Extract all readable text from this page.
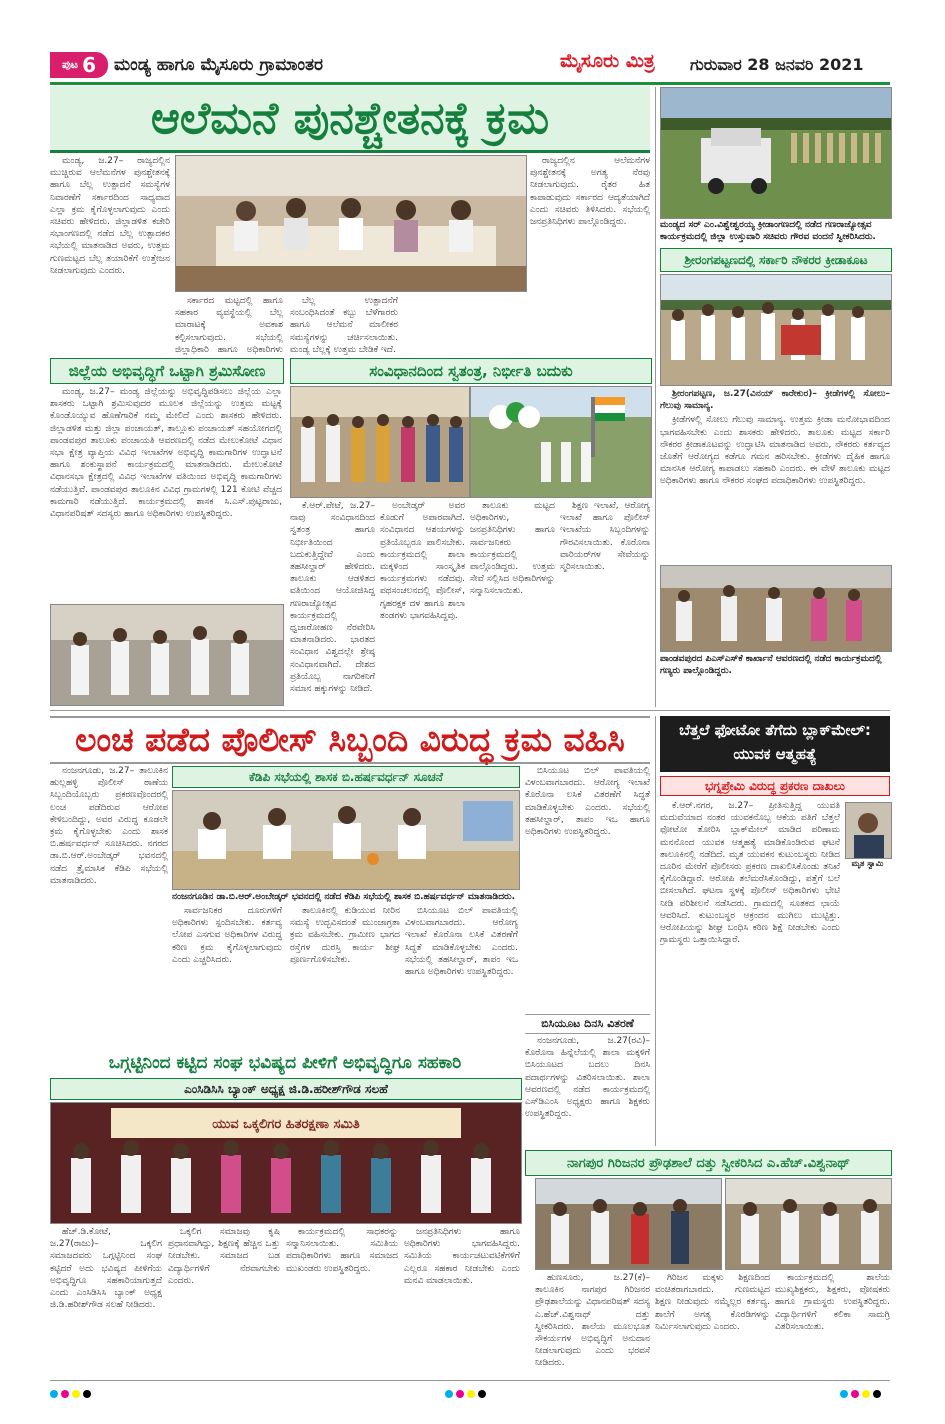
ಪುಟ 6 ಮಂಡ್ಯ ಹಾಗೂ ಮೈಸೂರು ಗ್ರಾಮಾಂತರ	ಮೈಸೂರು ಮಿತ್ರ ಗುರುವಾರ 28 ಜನವರಿ 2021
ಆಲೆಮನೆ ಪುನಶ್ಚೇತನಕ್ಕೆ ಕ್ರಮ

ಮಂಡ್ಯ, ಜ.27– ರಾಜ್ಯದಲ್ಲಿನ ಮುಚ್ಚಿರುವ ಆಲೆಮನೆಗಳ ಪುನಶ್ಚೇತನಕ್ಕೆ ಹಾಗೂ ಬೆಲ್ಲ ಉತ್ಪಾದನೆ ಸಮಸ್ಯೆಗಳ ನಿವಾರಣೆಗೆ ಸರ್ಕಾರದಿಂದ ಸಾಧ್ಯವಾದ ಎಲ್ಲಾ ಕ್ರಮ ಕೈಗೊಳ್ಳಲಾಗುವುದು ಎಂದು ಸಚಿವರು ಹೇಳಿದರು. ಜಿಲ್ಲಾಡಳಿತ ಕಚೇರಿ ಸಭಾಂಗಣದಲ್ಲಿ ನಡೆದ ಬೆಲ್ಲ ಉತ್ಪಾದಕರ ಸಭೆಯಲ್ಲಿ ಮಾತನಾಡಿದ ಅವರು, ಉತ್ತಮ ಗುಣಮಟ್ಟದ ಬೆಲ್ಲ ತಯಾರಿಕೆಗೆ ಉತ್ತೇಜನ ನೀಡಲಾಗುವುದು ಎಂದರು.

ಸರ್ಕಾರದ ಮಟ್ಟದಲ್ಲಿ ಹಾಗೂ ಸಹಕಾರ ವ್ಯವಸ್ಥೆಯಲ್ಲಿ ಬೆಲ್ಲ ಮಾರಾಟಕ್ಕೆ ಅವಕಾಶ ಕಲ್ಪಿಸಲಾಗುವುದು. ಸಭೆಯಲ್ಲಿ ಜಿಲ್ಲಾಧಿಕಾರಿ ಹಾಗೂ ಅಧಿಕಾರಿಗಳು

ಬೆಲ್ಲ ಉತ್ಪಾದನೆಗೆ ಸಂಬಂಧಿಸಿದಂತೆ ಕಬ್ಬು ಬೆಳೆಗಾರರು ಹಾಗೂ ಆಲೆಮನೆ ಮಾಲೀಕರ ಸಮಸ್ಯೆಗಳನ್ನು ಚರ್ಚಿಸಲಾಯಿತು. ಮಂಡ್ಯ ಬೆಲ್ಲಕ್ಕೆ ಉತ್ತಮ ಬೇಡಿಕೆ ಇದೆ.

ರಾಜ್ಯದಲ್ಲಿನ ಆಲೆಮನೆಗಳ ಪುನಶ್ಚೇತನಕ್ಕೆ ಅಗತ್ಯ ನೆರವು ನೀಡಲಾಗುವುದು. ರೈತರ ಹಿತ ಕಾಪಾಡುವುದು ಸರ್ಕಾರದ ಆದ್ಯತೆಯಾಗಿದೆ ಎಂದು ಸಚಿವರು ತಿಳಿಸಿದರು. ಸಭೆಯಲ್ಲಿ ಜನಪ್ರತಿನಿಧಿಗಳು ಪಾಲ್ಗೊಂಡಿದ್ದರು.	ಮಂಡ್ಯದ ಸರ್ ಎಂ.ವಿಶ್ವೇಶ್ವರಯ್ಯ ಕ್ರೀಡಾಂಗಣದಲ್ಲಿ ನಡೆದ ಗಣರಾಜ್ಯೋತ್ಸವ ಕಾರ್ಯಕ್ರಮದಲ್ಲಿ ಜಿಲ್ಲಾ ಉಸ್ತುವಾರಿ ಸಚಿವರು ಗೌರವ ವಂದನೆ ಸ್ವೀಕರಿಸಿದರು.
ಶ್ರೀರಂಗಪಟ್ಟಣದಲ್ಲಿ ಸರ್ಕಾರಿ ನೌಕರರ ಕ್ರೀಡಾಕೂಟ

ಶ್ರೀರಂಗಪಟ್ಟಣ, ಜ.27(ವಿನಯ್ ಕಾರೇಕುರ)– ಕ್ರೀಡೆಗಳಲ್ಲಿ ಸೋಲು–ಗೆಲುವು ಸಾಮಾನ್ಯ.

ಕ್ರೀಡೆಗಳಲ್ಲಿ ಸೋಲು ಗೆಲುವು ಸಾಮಾನ್ಯ. ಉತ್ತಮ ಕ್ರೀಡಾ ಮನೋಭಾವದಿಂದ ಭಾಗವಹಿಸಬೇಕು ಎಂದು ಶಾಸಕರು ಹೇಳಿದರು. ತಾಲೂಕು ಮಟ್ಟದ ಸರ್ಕಾರಿ ನೌಕರರ ಕ್ರೀಡಾಕೂಟವನ್ನು ಉದ್ಘಾಟಿಸಿ ಮಾತನಾಡಿದ ಅವರು, ನೌಕರರು ಕರ್ತವ್ಯದ ಜೊತೆಗೆ ಆರೋಗ್ಯದ ಕಡೆಗೂ ಗಮನ ಹರಿಸಬೇಕು. ಕ್ರೀಡೆಗಳು ದೈಹಿಕ ಹಾಗೂ ಮಾನಸಿಕ ಆರೋಗ್ಯ ಕಾಪಾಡಲು ಸಹಕಾರಿ ಎಂದರು. ಈ ವೇಳೆ ತಾಲೂಕು ಮಟ್ಟದ ಅಧಿಕಾರಿಗಳು ಹಾಗೂ ನೌಕರರ ಸಂಘದ ಪದಾಧಿಕಾರಿಗಳು ಉಪಸ್ಥಿತರಿದ್ದರು.

ಪಾಂಡವಪುರದ ಪಿಎಸ್‌ಎಸ್‌ಕೆ ಕಾರ್ಖಾನೆ ಆವರಣದಲ್ಲಿ ನಡೆದ ಕಾರ್ಯಕ್ರಮದಲ್ಲಿ ಗಣ್ಯರು ಪಾಲ್ಗೊಂಡಿದ್ದರು.
ಜಿಲ್ಲೆಯ ಅಭಿವೃದ್ಧಿಗೆ ಒಟ್ಟಾಗಿ ಶ್ರಮಿಸೋಣ

ಮಂಡ್ಯ, ಜ.27– ಮಂಡ್ಯ ಜಿಲ್ಲೆಯನ್ನು ಅಭಿವೃದ್ಧಿಪಡಿಸಲು ಜಿಲ್ಲೆಯ ಎಲ್ಲಾ ಶಾಸಕರು ಒಟ್ಟಾಗಿ ಶ್ರಮಿಸುವುದರ ಮೂಲಕ ಜಿಲ್ಲೆಯನ್ನು ಉತ್ತಮ ಮಟ್ಟಕ್ಕೆ ಕೊಂಡೊಯ್ಯುವ ಹೊಣೆಗಾರಿಕೆ ನಮ್ಮ ಮೇಲಿದೆ ಎಂದು ಶಾಸಕರು ಹೇಳಿದರು. ಜಿಲ್ಲಾಡಳಿತ ಮತ್ತು ಜಿಲ್ಲಾ ಪಂಚಾಯತ್, ತಾಲ್ಲೂಕು ಪಂಚಾಯತ್ ಸಹಯೋಗದಲ್ಲಿ ಪಾಂಡವಪುರ ತಾಲೂಕು ಪಂಚಾಯತಿ ಆವರಣದಲ್ಲಿ ನಡೆದ ಮೇಲುಕೋಟೆ ವಿಧಾನ ಸಭಾ ಕ್ಷೇತ್ರ ವ್ಯಾಪ್ತಿಯ ವಿವಿಧ ಇಲಾಖೆಗಳ ಅಭಿವೃದ್ಧಿ ಕಾಮಗಾರಿಗಳ ಉದ್ಘಾಟನೆ ಹಾಗೂ ಶಂಕುಸ್ಥಾಪನೆ ಕಾರ್ಯಕ್ರಮದಲ್ಲಿ ಮಾತನಾಡಿದರು. ಮೇಲುಕೋಟೆ ವಿಧಾನಸಭಾ ಕ್ಷೇತ್ರದಲ್ಲಿ ವಿವಿಧ ಇಲಾಖೆಗಳ ವತಿಯಿಂದ ಅಭಿವೃದ್ಧಿ ಕಾಮಗಾರಿಗಳು ನಡೆಯುತ್ತಿವೆ. ಪಾಂಡವಪುರ ತಾಲೂಕಿನ ವಿವಿಧ ಗ್ರಾಮಗಳಲ್ಲಿ 121 ಕೋಟಿ ವೆಚ್ಚದ ಕಾಮಗಾರಿ ನಡೆಯುತ್ತಿದೆ. ಕಾರ್ಯಕ್ರಮದಲ್ಲಿ ಶಾಸಕ ಸಿ.ಎಸ್.ಪುಟ್ಟರಾಜು, ವಿಧಾನಪರಿಷತ್ ಸದಸ್ಯರು ಹಾಗೂ ಅಧಿಕಾರಿಗಳು ಉಪಸ್ಥಿತರಿದ್ದರು.

ಸಂವಿಧಾನದಿಂದ ಸ್ವತಂತ್ರ, ನಿರ್ಭೀತಿ ಬದುಕು

ಕೆ.ಆರ್.ಪೇಟೆ, ಜ.27– ನಾವು ಸಂವಿಧಾನದಿಂದ ಸ್ವತಂತ್ರ ಹಾಗೂ ನಿರ್ಭೀತಿಯಿಂದ ಬದುಕುತ್ತಿದ್ದೇವೆ ಎಂದು ತಹಸೀಲ್ದಾರ್ ಹೇಳಿದರು. ತಾಲೂಕು ಆಡಳಿತದ ವತಿಯಿಂದ ಆಯೋಜಿಸಿದ್ದ ಗಣರಾಜ್ಯೋತ್ಸವ ಕಾರ್ಯಕ್ರಮದಲ್ಲಿ ಧ್ವಜಾರೋಹಣ ನೆರವೇರಿಸಿ ಮಾತನಾಡಿದರು. ಭಾರತದ ಸಂವಿಧಾನ ವಿಶ್ವದಲ್ಲೇ ಶ್ರೇಷ್ಠ ಸಂವಿಧಾನವಾಗಿದೆ. ದೇಶದ ಪ್ರತಿಯೊಬ್ಬ ನಾಗರಿಕನಿಗೆ ಸಮಾನ ಹಕ್ಕುಗಳನ್ನು ನೀಡಿದೆ.

ಅಂಬೇಡ್ಕರ್ ಅವರ ಕೊಡುಗೆ ಅಪಾರವಾಗಿದೆ. ಸಂವಿಧಾನದ ಆಶಯಗಳನ್ನು ಪ್ರತಿಯೊಬ್ಬರೂ ಪಾಲಿಸಬೇಕು. ಕಾರ್ಯಕ್ರಮದಲ್ಲಿ ಶಾಲಾ ಮಕ್ಕಳಿಂದ ಸಾಂಸ್ಕೃತಿಕ ಕಾರ್ಯಕ್ರಮಗಳು ನಡೆದವು. ಪಥಸಂಚಲನದಲ್ಲಿ ಪೊಲೀಸ್, ಗೃಹರಕ್ಷಕ ದಳ ಹಾಗೂ ಶಾಲಾ ತಂಡಗಳು ಭಾಗವಹಿಸಿದ್ದವು.

ತಾಲೂಕು ಮಟ್ಟದ ಅಧಿಕಾರಿಗಳು, ಜನಪ್ರತಿನಿಧಿಗಳು ಹಾಗೂ ಸಾರ್ವಜನಿಕರು ಕಾರ್ಯಕ್ರಮದಲ್ಲಿ ಪಾಲ್ಗೊಂಡಿದ್ದರು. ಉತ್ತಮ ಸೇವೆ ಸಲ್ಲಿಸಿದ ಅಧಿಕಾರಿಗಳನ್ನು ಸನ್ಮಾನಿಸಲಾಯಿತು.

ಶಿಕ್ಷಣ ಇಲಾಖೆ, ಆರೋಗ್ಯ ಇಲಾಖೆ ಹಾಗೂ ಪೊಲೀಸ್ ಇಲಾಖೆಯ ಸಿಬ್ಬಂದಿಗಳನ್ನು ಗೌರವಿಸಲಾಯಿತು. ಕೊರೊನಾ ವಾರಿಯರ್‌ಗಳ ಸೇವೆಯನ್ನು ಸ್ಮರಿಸಲಾಯಿತು.

ಲಂಚ ಪಡೆದ ಪೊಲೀಸ್ ಸಿಬ್ಬಂದಿ ವಿರುದ್ಧ ಕ್ರಮ ವಹಿಸಿ

ನಂಜನಗೂಡು, ಜ.27– ತಾಲೂಕಿನ ಹುಲ್ಲಹಳ್ಳಿ ಪೊಲೀಸ್ ಠಾಣೆಯ ಸಿಬ್ಬಂದಿಯೊಬ್ಬರು ಪ್ರಕರಣವೊಂದರಲ್ಲಿ ಲಂಚ ಪಡೆದಿರುವ ಆರೋಪ ಕೇಳಿಬಂದಿದ್ದು, ಅವರ ವಿರುದ್ಧ ಕೂಡಲೇ ಕ್ರಮ ಕೈಗೊಳ್ಳಬೇಕು ಎಂದು ಶಾಸಕ ಬಿ.ಹರ್ಷವರ್ಧನ್ ಸೂಚಿಸಿದರು. ನಗರದ ಡಾ.ಬಿ.ಆರ್.ಅಂಬೇಡ್ಕರ್ ಭವನದಲ್ಲಿ ನಡೆದ ತ್ರೈಮಾಸಿಕ ಕೆಡಿಪಿ ಸಭೆಯಲ್ಲಿ ಮಾತನಾಡಿದರು.

ಕೆಡಿಪಿ ಸಭೆಯಲ್ಲಿ ಶಾಸಕ ಬಿ.ಹರ್ಷವರ್ಧನ್ ಸೂಚನೆ
ನಂಜನಗೂಡಿನ ಡಾ.ಬಿ.ಆರ್.ಅಂಬೇಡ್ಕರ್ ಭವನದಲ್ಲಿ ನಡೆದ ಕೆಡಿಪಿ ಸಭೆಯಲ್ಲಿ ಶಾಸಕ ಬಿ.ಹರ್ಷವರ್ಧನ್ ಮಾತನಾಡಿದರು.

ಸಾರ್ವಜನಿಕರ ದೂರುಗಳಿಗೆ ಅಧಿಕಾರಿಗಳು ಸ್ಪಂದಿಸಬೇಕು. ಕರ್ತವ್ಯ ಲೋಪ ಎಸಗುವ ಅಧಿಕಾರಿಗಳ ವಿರುದ್ಧ ಕಠಿಣ ಕ್ರಮ ಕೈಗೊಳ್ಳಲಾಗುವುದು ಎಂದು ಎಚ್ಚರಿಸಿದರು.

ತಾಲೂಕಿನಲ್ಲಿ ಕುಡಿಯುವ ನೀರಿನ ಸಮಸ್ಯೆ ಉದ್ಭವಿಸದಂತೆ ಮುಂಜಾಗ್ರತಾ ಕ್ರಮ ವಹಿಸಬೇಕು. ಗ್ರಾಮೀಣ ಭಾಗದ ರಸ್ತೆಗಳ ದುರಸ್ತಿ ಕಾರ್ಯ ಶೀಘ್ರ ಪೂರ್ಣಗೊಳಿಸಬೇಕು.

ಬಿಸಿಯೂಟ ಬಿಲ್ ಪಾವತಿಯಲ್ಲಿ ವಿಳಂಬವಾಗಬಾರದು. ಆರೋಗ್ಯ ಇಲಾಖೆ ಕೊರೊನಾ ಲಸಿಕೆ ವಿತರಣೆಗೆ ಸಿದ್ಧತೆ ಮಾಡಿಕೊಳ್ಳಬೇಕು ಎಂದರು. ಸಭೆಯಲ್ಲಿ ತಹಸೀಲ್ದಾರ್, ತಾಪಂ ಇಒ ಹಾಗೂ ಅಧಿಕಾರಿಗಳು ಉಪಸ್ಥಿತರಿದ್ದರು.

ಬಿಸಿಯೂಟ ಬಿಲ್ ಪಾವತಿಯಲ್ಲಿ ವಿಳಂಬವಾಗಬಾರದು. ಆರೋಗ್ಯ ಇಲಾಖೆ ಕೊರೊನಾ ಲಸಿಕೆ ವಿತರಣೆಗೆ ಸಿದ್ಧತೆ ಮಾಡಿಕೊಳ್ಳಬೇಕು ಎಂದರು. ಸಭೆಯಲ್ಲಿ ತಹಸೀಲ್ದಾರ್, ತಾಪಂ ಇಒ ಹಾಗೂ ಅಧಿಕಾರಿಗಳು ಉಪಸ್ಥಿತರಿದ್ದರು.

ಬಿಸಿಯೂಟ ದಿನಸಿ ವಿತರಣೆ

ನಂಜನಗೂಡು, ಜ.27(ರವಿ)– ಕೊರೊನಾ ಹಿನ್ನೆಲೆಯಲ್ಲಿ ಶಾಲಾ ಮಕ್ಕಳಿಗೆ ಬಿಸಿಯೂಟದ ಬದಲು ದಿನಸಿ ಪದಾರ್ಥಗಳನ್ನು ವಿತರಿಸಲಾಯಿತು. ಶಾಲಾ ಆವರಣದಲ್ಲಿ ನಡೆದ ಕಾರ್ಯಕ್ರಮದಲ್ಲಿ ಎಸ್‌ಡಿಎಂಸಿ ಅಧ್ಯಕ್ಷರು ಹಾಗೂ ಶಿಕ್ಷಕರು ಉಪಸ್ಥಿತರಿದ್ದರು.

ಬೆತ್ತಲೆ ಫೋಟೋ ತೆಗೆದು ಬ್ಲಾಕ್‌ಮೇಲ್: ಯುವಕ ಆತ್ಮಹತ್ಯೆ
ಭಗ್ನಪ್ರೇಮಿ ವಿರುದ್ಧ ಪ್ರಕರಣ ದಾಖಲು
ಮೃತ ಸ್ವಾಮಿ

ಕೆ.ಆರ್.ನಗರ, ಜ.27– ಪ್ರೀತಿಸುತ್ತಿದ್ದ ಯುವತಿ ಮದುವೆಯಾದ ನಂತರ ಯುವಕನೊಬ್ಬ ಆಕೆಯ ಪತಿಗೆ ಬೆತ್ತಲೆ ಫೋಟೋ ತೋರಿಸಿ ಬ್ಲಾಕ್‌ಮೇಲ್ ಮಾಡಿದ ಪರಿಣಾಮ ಮನನೊಂದ ಯುವಕ ಆತ್ಮಹತ್ಯೆ ಮಾಡಿಕೊಂಡಿರುವ ಘಟನೆ ತಾಲೂಕಿನಲ್ಲಿ ನಡೆದಿದೆ. ಮೃತ ಯುವಕನ ಕುಟುಂಬಸ್ಥರು ನೀಡಿದ ದೂರಿನ ಮೇರೆಗೆ ಪೊಲೀಸರು ಪ್ರಕರಣ ದಾಖಲಿಸಿಕೊಂಡು ತನಿಖೆ ಕೈಗೊಂಡಿದ್ದಾರೆ. ಆರೋಪಿ ತಲೆಮರೆಸಿಕೊಂಡಿದ್ದು, ಪತ್ತೆಗೆ ಬಲೆ ಬೀಸಲಾಗಿದೆ. ಘಟನಾ ಸ್ಥಳಕ್ಕೆ ಪೊಲೀಸ್ ಅಧಿಕಾರಿಗಳು ಭೇಟಿ ನೀಡಿ ಪರಿಶೀಲನೆ ನಡೆಸಿದರು. ಗ್ರಾಮದಲ್ಲಿ ಸೂತಕದ ಛಾಯೆ ಆವರಿಸಿದೆ. ಕುಟುಂಬಸ್ಥರ ಆಕ್ರಂದನ ಮುಗಿಲು ಮುಟ್ಟಿತ್ತು. ಆರೋಪಿಯನ್ನು ಶೀಘ್ರ ಬಂಧಿಸಿ ಕಠಿಣ ಶಿಕ್ಷೆ ನೀಡಬೇಕು ಎಂದು ಗ್ರಾಮಸ್ಥರು ಒತ್ತಾಯಿಸಿದ್ದಾರೆ.

ಒಗ್ಗಟ್ಟಿನಿಂದ ಕಟ್ಟಿದ ಸಂಘ ಭವಿಷ್ಯದ ಪೀಳಿಗೆ ಅಭಿವೃದ್ಧಿಗೂ ಸಹಕಾರಿ
ಎಂಸಿಡಿಸಿಸಿ ಬ್ಯಾಂಕ್ ಅಧ್ಯಕ್ಷ ಜಿ.ಡಿ.ಹರೀಶ್‌ಗೌಡ ಸಲಹೆ
ಯುವ ಒಕ್ಕಲಿಗರ ಹಿತರಕ್ಷಣಾ ಸಮಿತಿ

ಹೆಚ್.ಡಿ.ಕೋಟೆ, ಜ.27(ರಾಜು)– ಒಕ್ಕಲಿಗ ಸಮಾಜದವರು ಒಗ್ಗಟ್ಟಿನಿಂದ ಸಂಘ ಕಟ್ಟಿದರೆ ಅದು ಭವಿಷ್ಯದ ಪೀಳಿಗೆಯ ಅಭಿವೃದ್ಧಿಗೂ ಸಹಕಾರಿಯಾಗುತ್ತದೆ ಎಂದು ಎಂಸಿಡಿಸಿಸಿ ಬ್ಯಾಂಕ್ ಅಧ್ಯಕ್ಷ ಜಿ.ಡಿ.ಹರೀಶ್‌ಗೌಡ ಸಲಹೆ ನೀಡಿದರು.

ಒಕ್ಕಲಿಗ ಸಮಾಜವು ಕೃಷಿ ಪ್ರಧಾನವಾಗಿದ್ದು, ಶಿಕ್ಷಣಕ್ಕೆ ಹೆಚ್ಚಿನ ಒತ್ತು ನೀಡಬೇಕು. ಸಮಾಜದ ಬಡ ವಿದ್ಯಾರ್ಥಿಗಳಿಗೆ ನೆರವಾಗಬೇಕು ಎಂದರು.

ಕಾರ್ಯಕ್ರಮದಲ್ಲಿ ಸಾಧಕರನ್ನು ಸನ್ಮಾನಿಸಲಾಯಿತು. ಸಮಿತಿಯ ಪದಾಧಿಕಾರಿಗಳು ಹಾಗೂ ಸಮಾಜದ ಮುಖಂಡರು ಉಪಸ್ಥಿತರಿದ್ದರು.

ಜನಪ್ರತಿನಿಧಿಗಳು ಹಾಗೂ ಅಧಿಕಾರಿಗಳು ಭಾಗವಹಿಸಿದ್ದರು. ಸಮಿತಿಯ ಕಾರ್ಯಚಟುವಟಿಕೆಗಳಿಗೆ ಎಲ್ಲರೂ ಸಹಕಾರ ನೀಡಬೇಕು ಎಂದು ಮನವಿ ಮಾಡಲಾಯಿತು.

ನಾಗಪುರ ಗಿರಿಜನರ ಪ್ರೌಢಶಾಲೆ ದತ್ತು ಸ್ವೀಕರಿಸಿದ ಎ.ಹೆಚ್.ವಿಶ್ವನಾಥ್

ಹುಣಸೂರು, ಜ.27(ಕೆ)– ತಾಲೂಕಿನ ನಾಗಪುರ ಗಿರಿಜನರ ಪ್ರೌಢಶಾಲೆಯನ್ನು ವಿಧಾನಪರಿಷತ್ ಸದಸ್ಯ ಎ.ಹೆಚ್.ವಿಶ್ವನಾಥ್ ದತ್ತು ಸ್ವೀಕರಿಸಿದರು. ಶಾಲೆಯ ಮೂಲಭೂತ ಸೌಕರ್ಯಗಳ ಅಭಿವೃದ್ಧಿಗೆ ಅನುದಾನ ನೀಡಲಾಗುವುದು ಎಂದು ಭರವಸೆ ನೀಡಿದರು.

ಗಿರಿಜನ ಮಕ್ಕಳು ಶಿಕ್ಷಣದಿಂದ ವಂಚಿತರಾಗಬಾರದು. ಗುಣಮಟ್ಟದ ಶಿಕ್ಷಣ ನೀಡುವುದು ನಮ್ಮೆಲ್ಲರ ಕರ್ತವ್ಯ. ಶಾಲೆಗೆ ಅಗತ್ಯ ಕೊಠಡಿಗಳನ್ನು ನಿರ್ಮಿಸಲಾಗುವುದು ಎಂದರು.

ಕಾರ್ಯಕ್ರಮದಲ್ಲಿ ಶಾಲೆಯ ಮುಖ್ಯಶಿಕ್ಷಕರು, ಶಿಕ್ಷಕರು, ಪೋಷಕರು ಹಾಗೂ ಗ್ರಾಮಸ್ಥರು ಉಪಸ್ಥಿತರಿದ್ದರು. ವಿದ್ಯಾರ್ಥಿಗಳಿಗೆ ಕಲಿಕಾ ಸಾಮಗ್ರಿ ವಿತರಿಸಲಾಯಿತು.
